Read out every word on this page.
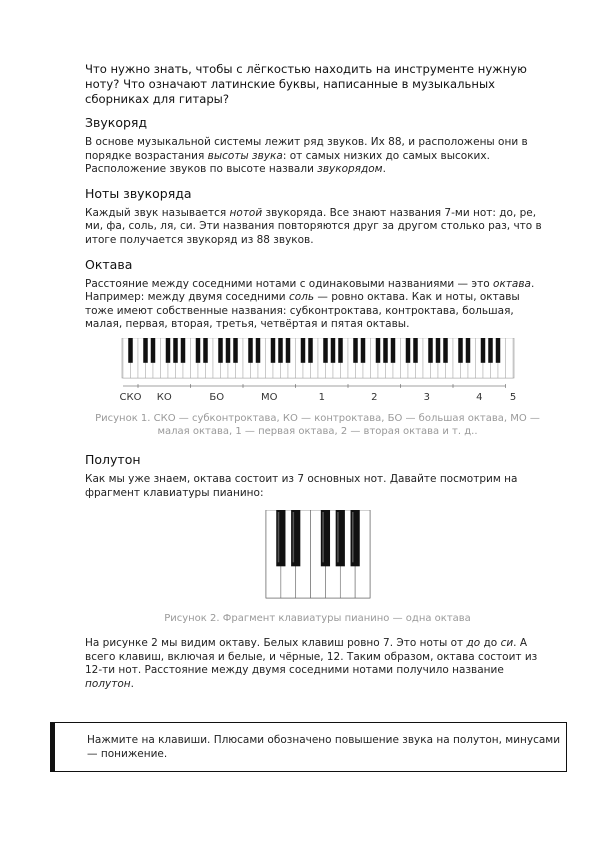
Что нужно знать, чтобы с лёгкостью находить на инструменте нужную ноту? Что означают латинские буквы, написанные в музыкальных сборниках для гитары?

Звукоряд

В основе музыкальной системы лежит ряд звуков. Их 88, и расположены они в порядке возрастания высоты звука: от самых низких до самых высоких. Расположение звуков по высоте назвали звукорядом.

Ноты звукоряда

Каждый звук называется нотой звукоряда. Все знают названия 7-ми нот: до, ре, ми, фа, соль, ля, си. Эти названия повторяются друг за другом столько раз, что в итоге получается звукоряд из 88 звуков.

Октава

Расстояние между соседними нотами с одинаковыми названиями — это октава. Например: между двумя соседними соль — ровно октава. Как и ноты, октавы тоже имеют собственные названия: субконтроктава, контроктава, большая, малая, первая, вторая, третья, четвёртая и пятая октавы.

СКО КО	БО	МО	1	2	3	4	5

Рисунок 1. СКО — субконтроктава, КО — контроктава, БО — большая октава, МО — малая октава, 1 — первая октава, 2 — вторая октава и т. д..

Полутон

Как мы уже знаем, октава состоит из 7 основных нот. Давайте посмотрим на фрагмент клавиатуры пианино:

Рисунок 2. Фрагмент клавиатуры пианино — одна октава

На рисунке 2 мы видим октаву. Белых клавиш ровно 7. Это ноты от до до си. А всего клавиш, включая и белые, и чёрные, 12. Таким образом, октава состоит из 12-ти нот. Расстояние между двумя соседними нотами получило название полутон.

Нажмите на клавиши. Плюсами обозначено повышение звука на полутон, минусами — понижение.
